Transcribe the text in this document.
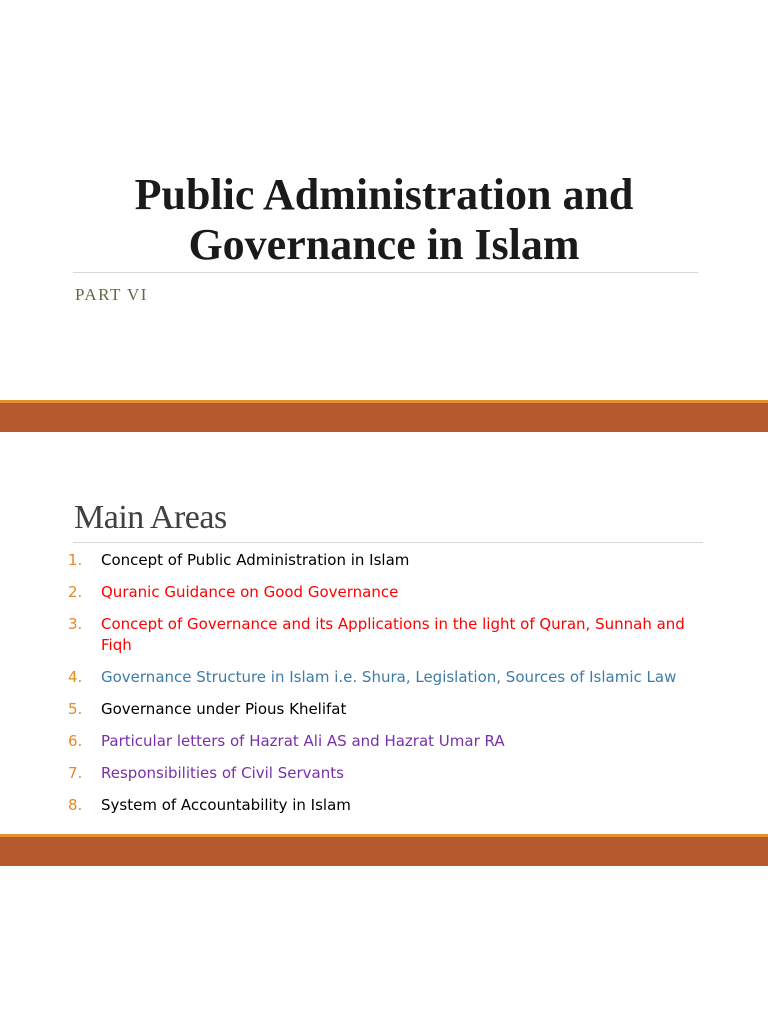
Public Administration and
Governance in Islam
PART VI
Main Areas
1.	Concept of Public Administration in Islam
2.	Quranic Guidance on Good Governance
3.	Concept of Governance and its Applications in the light of Quran, Sunnah and Fiqh
4.	Governance Structure in Islam i.e. Shura, Legislation, Sources of Islamic Law
5.	Governance under Pious Khelifat
6.	Particular letters of Hazrat Ali AS and Hazrat Umar RA
7.	Responsibilities of Civil Servants
8.	System of Accountability in Islam
